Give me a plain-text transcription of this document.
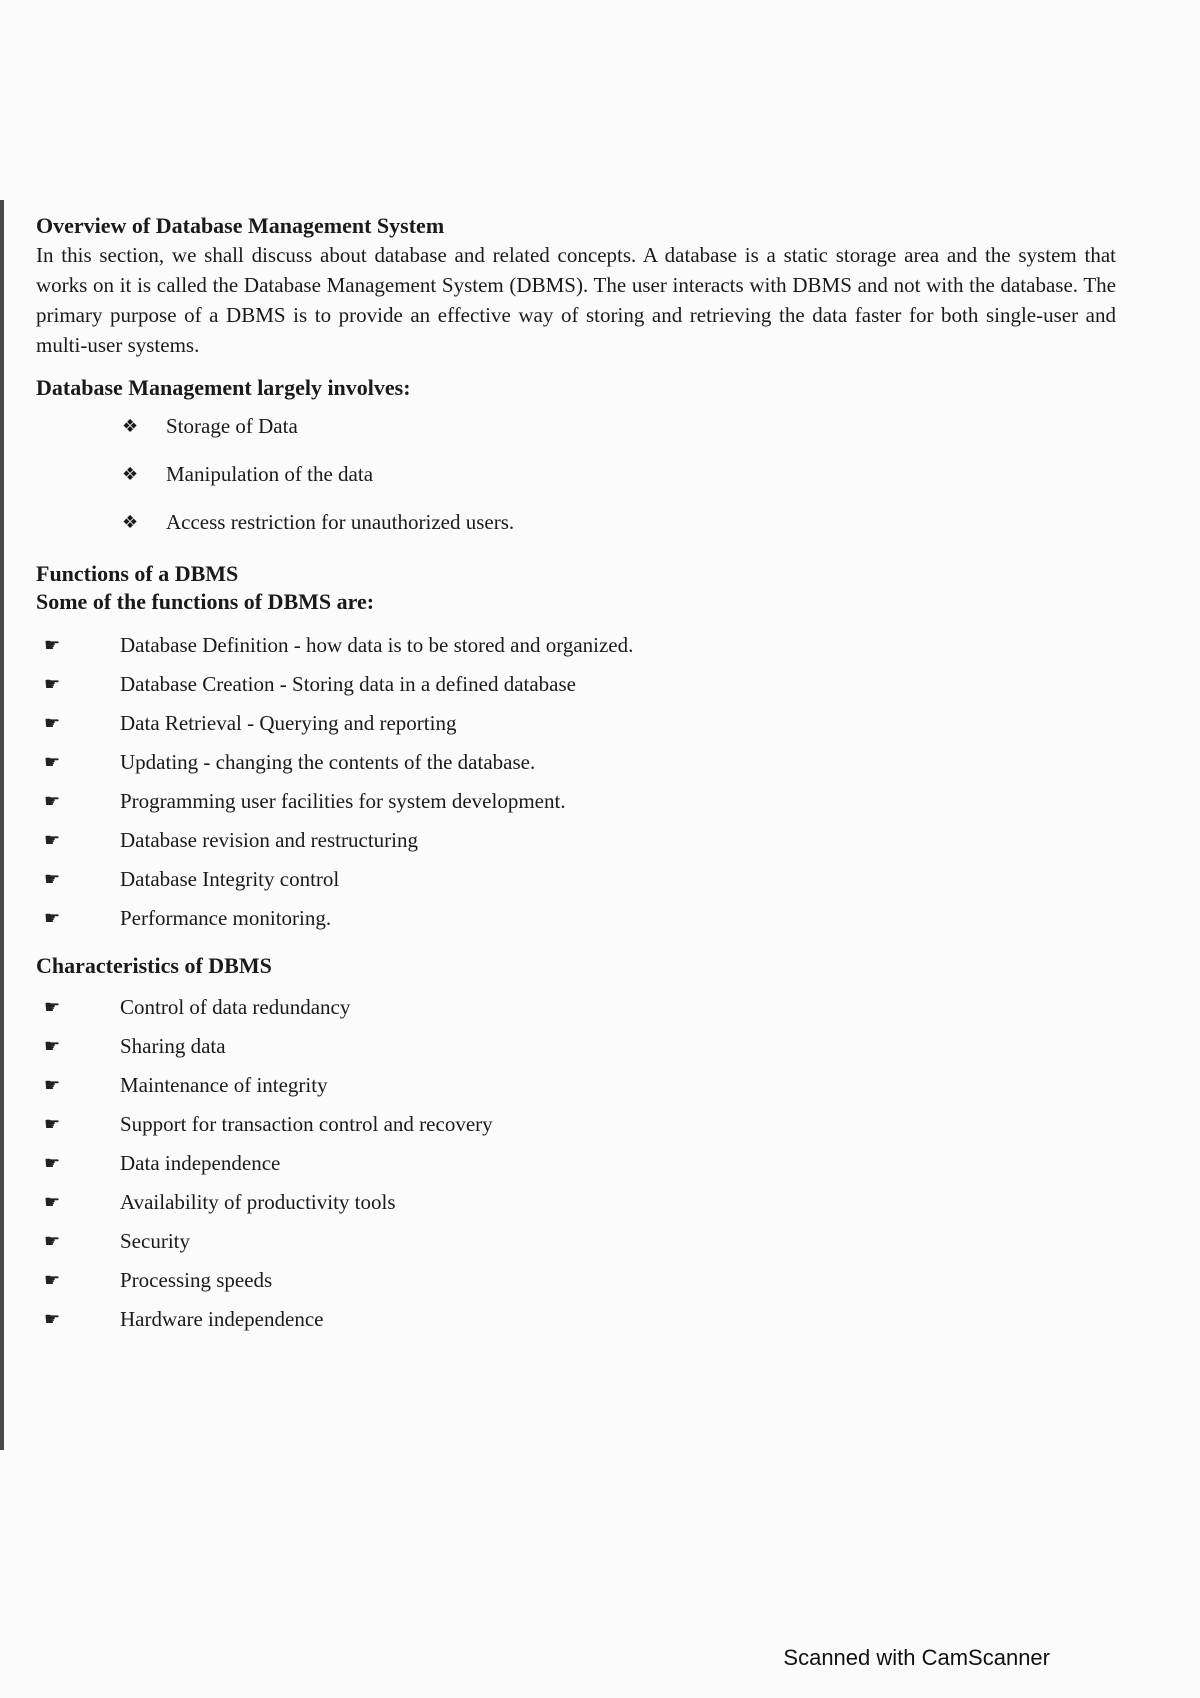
Overview of Database Management System

In this section, we shall discuss about database and related concepts. A database is a static storage area and the system that works on it is called the Database Management System (DBMS). The user interacts with DBMS and not with the database. The primary purpose of a DBMS is to provide an effective way of storing and retrieving the data faster for both single-user and multi-user systems.

Database Management largely involves:
❖	Storage of Data
❖	Manipulation of the data
❖	Access restriction for unauthorized users.
Functions of a DBMS
Some of the functions of DBMS are:
☛	Database Definition - how data is to be stored and organized.
☛	Database Creation - Storing data in a defined database
☛	Data Retrieval - Querying and reporting
☛	Updating - changing the contents of the database.
☛	Programming user facilities for system development.
☛	Database revision and restructuring
☛	Database Integrity control
☛	Performance monitoring.
Characteristics of DBMS
☛	Control of data redundancy
☛	Sharing data
☛	Maintenance of integrity
☛	Support for transaction control and recovery
☛	Data independence
☛	Availability of productivity tools
☛	Security
☛	Processing speeds
☛	Hardware independence
Scanned with CamScanner
